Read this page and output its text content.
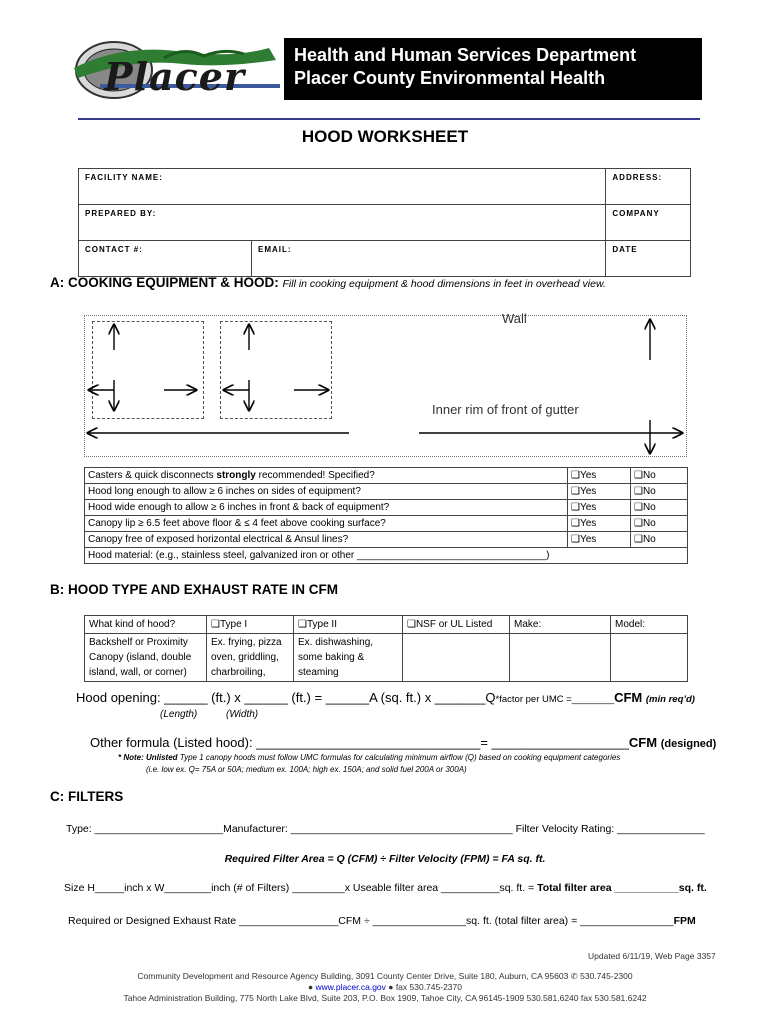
Placer	Health and Human Services Department
Placer County Environmental Health
HOOD WORKSHEET
FACILITY NAME:		ADDRESS:
PREPARED BY:		COMPANY
CONTACT #:	EMAIL:	DATE
A: COOKING EQUIPMENT & HOOD: Fill in cooking equipment & hood dimensions in feet in overhead view.
Wall
Inner rim of front of gutter
Casters & quick disconnects strongly recommended! Specified?	❑Yes	❑No
Hood long enough to allow ≥ 6 inches on sides of equipment?	❑Yes	❑No
Hood wide enough to allow ≥ 6 inches in front & back of equipment?	❑Yes	❑No
Canopy lip ≥ 6.5 feet above floor & ≤ 4 feet above cooking surface?	❑Yes	❑No
Canopy free of exposed horizontal electrical & Ansul lines?	❑Yes	❑No
Hood material: (e.g., stainless steel, galvanized iron or other __________________________________)		
B: HOOD TYPE AND EXHAUST RATE IN CFM
What kind of hood?	❑Type I	❑Type II	❑NSF or UL Listed	Make:	Model:
Backshelf or Proximity Canopy (island, double island, wall, or corner)	Ex. frying, pizza oven, griddling, charbroiling,	Ex. dishwashing, some baking & steaming			
Hood opening: ______ (ft.) x ______ (ft.) = ______A (sq. ft.) x _______Q*factor per UMC =________CFM (min req’d)
(Length)	(Width)
Other formula (Listed hood): _______________________________= ___________________CFM (designed)
* Note: Unlisted Type 1 canopy hoods must follow UMC formulas for calculating minimum airflow (Q) based on cooking equipment categories
(i.e. low ex. Q= 75A or 50A; medium ex. 100A; high ex. 150A; and solid fuel 200A or 300A)
C: FILTERS
Type: ______________________Manufacturer: ______________________________________ Filter Velocity Rating: _______________
Required Filter Area = Q (CFM) ÷ Filter Velocity (FPM) = FA sq. ft.
Size H_____inch x W________inch (# of Filters) _________x Useable filter area __________sq. ft. = Total filter area ___________sq. ft.
Required or Designed Exhaust Rate _________________CFM ÷ ________________sq. ft. (total filter area) = ________________FPM
Updated 6/11/19, Web Page 3357
Community Development and Resource Agency Building, 3091 County Center Drive, Suite 180, Auburn, CA 95603 ✆ 530.745-2300
● www.placer.ca.gov ● fax 530.745-2370
Tahoe Administration Building, 775 North Lake Blvd, Suite 203, P.O. Box 1909, Tahoe City, CA 96145-1909 530.581.6240 fax 530.581.6242
